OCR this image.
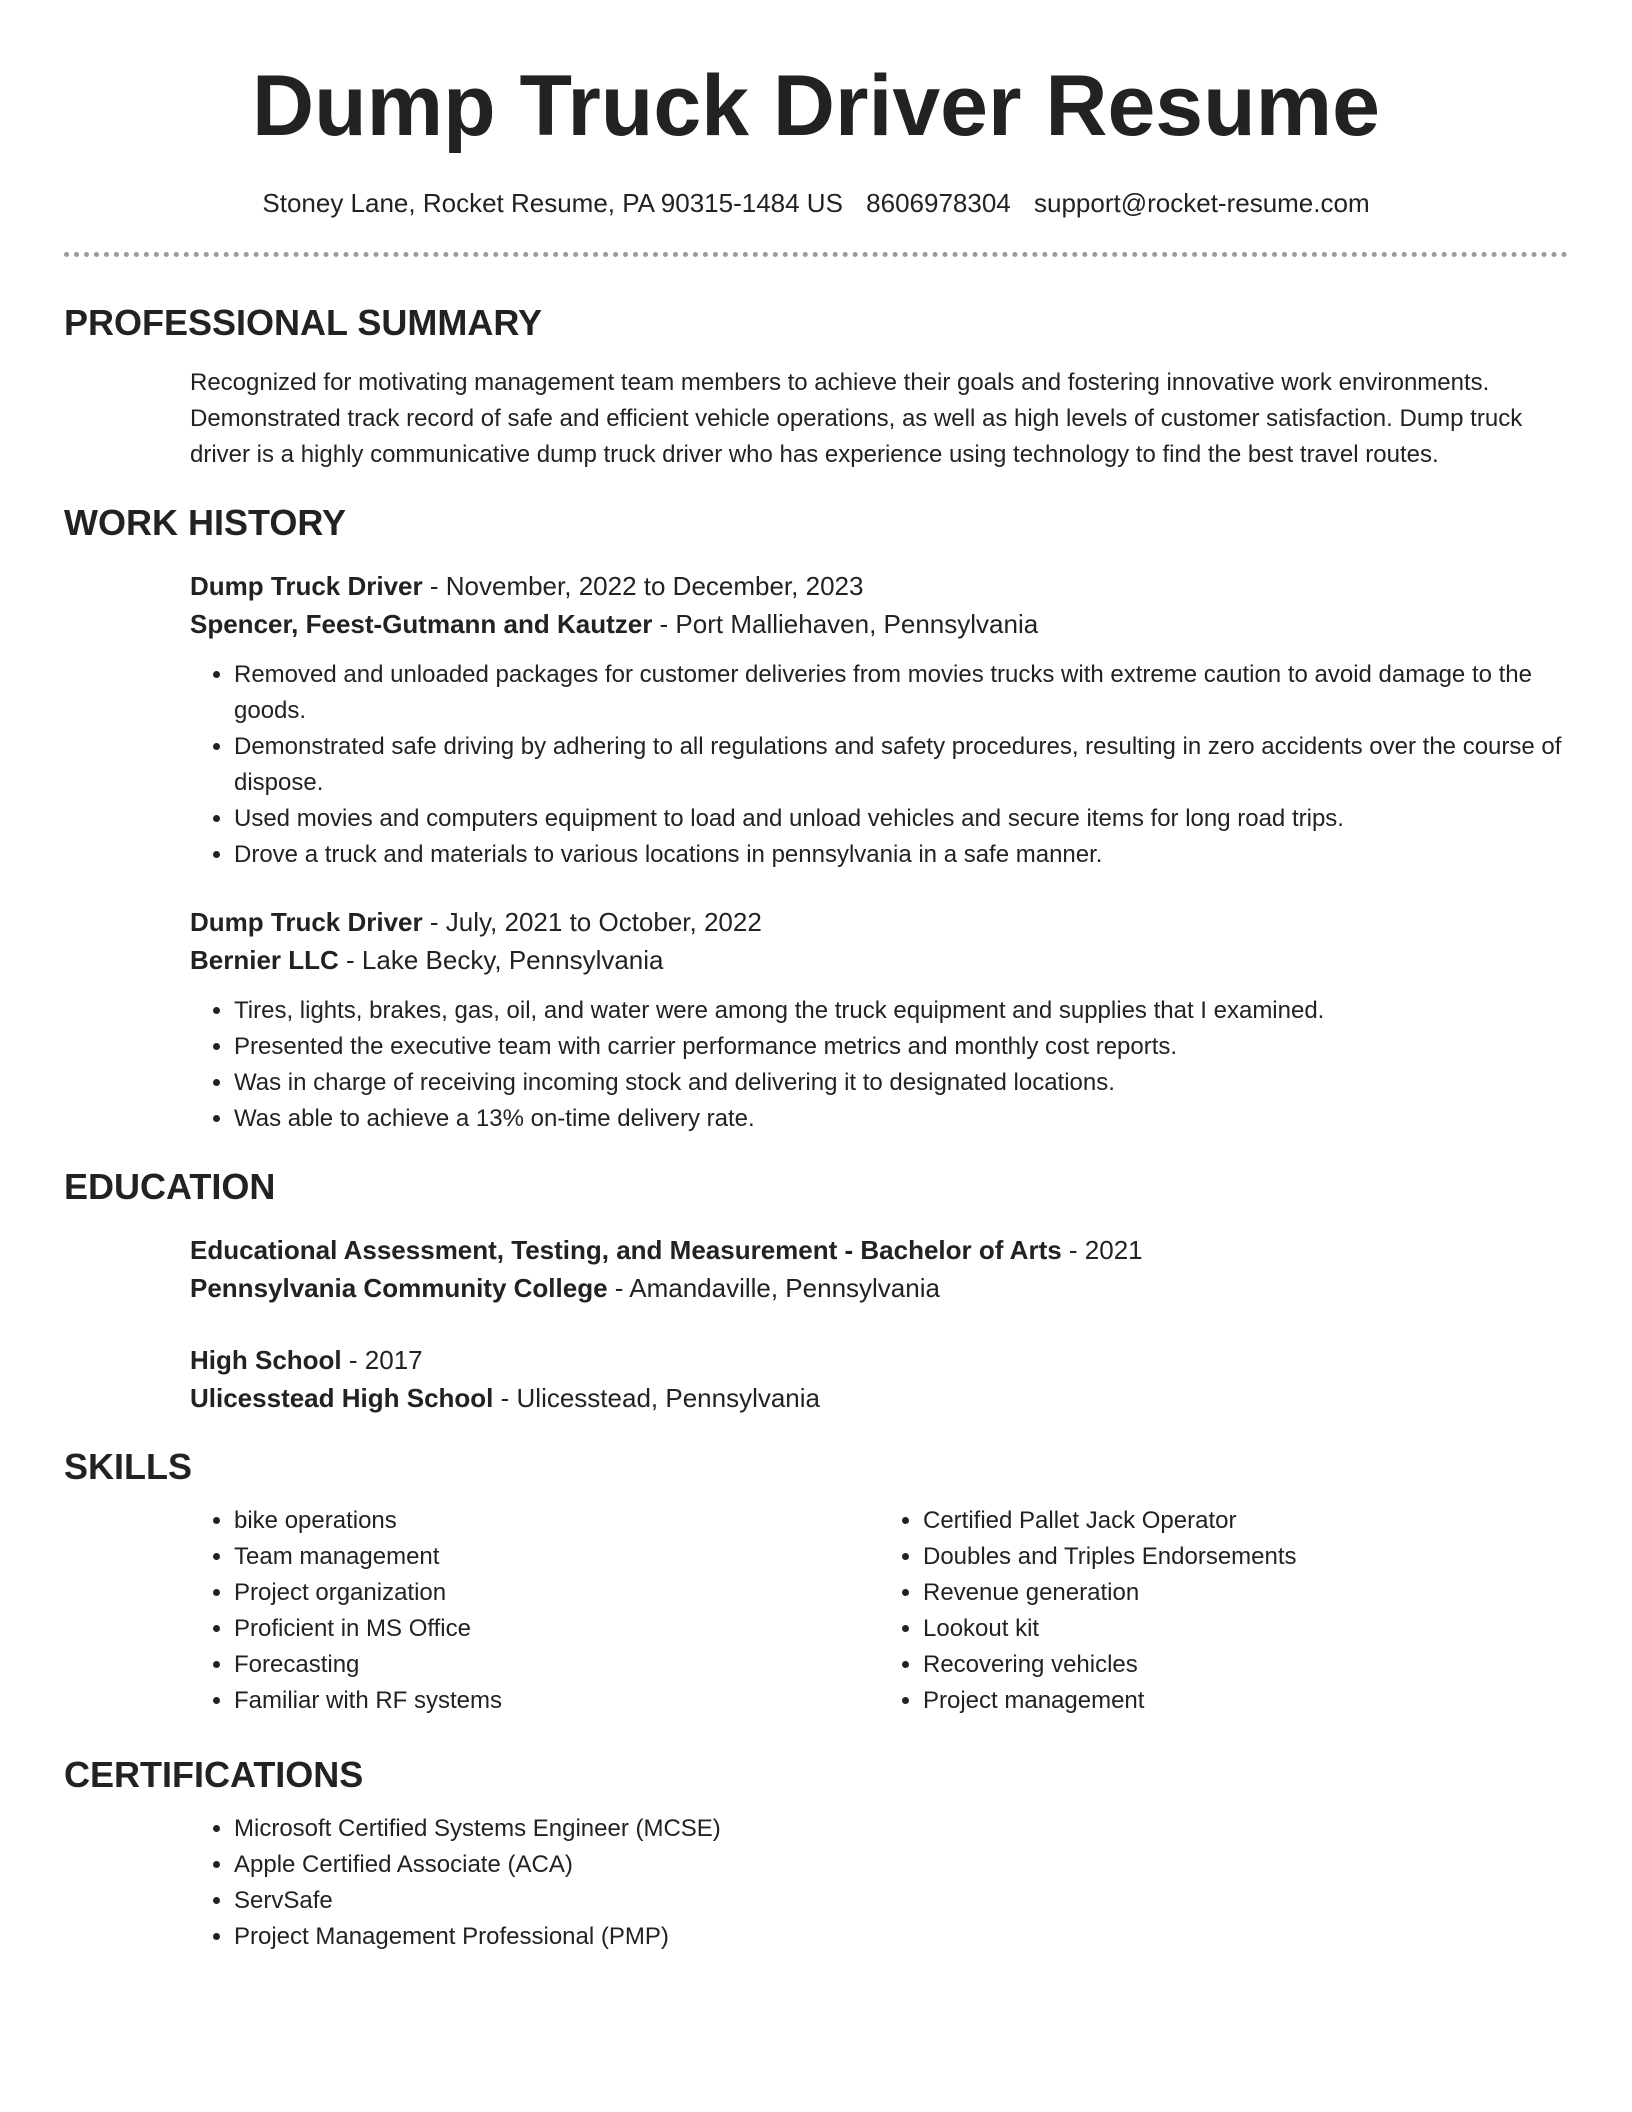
Dump Truck Driver Resume
Stoney Lane, Rocket Resume, PA 90315-1484 US 8606978304 support@rocket-resume.com
PROFESSIONAL SUMMARY
Recognized for motivating management team members to achieve their goals and fostering innovative work environments. Demonstrated track record of safe and efficient vehicle operations, as well as high levels of customer satisfaction. Dump truck driver is a highly communicative dump truck driver who has experience using technology to find the best travel routes.
WORK HISTORY
Dump Truck Driver - November, 2022 to December, 2023
Spencer, Feest-Gutmann and Kautzer - Port Malliehaven, Pennsylvania
• Removed and unloaded packages for customer deliveries from movies trucks with extreme caution to avoid damage to the goods.
• Demonstrated safe driving by adhering to all regulations and safety procedures, resulting in zero accidents over the course of dispose.
• Used movies and computers equipment to load and unload vehicles and secure items for long road trips.
• Drove a truck and materials to various locations in pennsylvania in a safe manner.
Dump Truck Driver - July, 2021 to October, 2022
Bernier LLC - Lake Becky, Pennsylvania
• Tires, lights, brakes, gas, oil, and water were among the truck equipment and supplies that I examined.
• Presented the executive team with carrier performance metrics and monthly cost reports.
• Was in charge of receiving incoming stock and delivering it to designated locations.
• Was able to achieve a 13% on-time delivery rate.
EDUCATION
Educational Assessment, Testing, and Measurement - Bachelor of Arts - 2021
Pennsylvania Community College - Amandaville, Pennsylvania
High School - 2017
Ulicesstead High School - Ulicesstead, Pennsylvania
SKILLS
• bike operations
• Team management
• Project organization
• Proficient in MS Office
• Forecasting
• Familiar with RF systems
• Certified Pallet Jack Operator
• Doubles and Triples Endorsements
• Revenue generation
• Lookout kit
• Recovering vehicles
• Project management
CERTIFICATIONS
• Microsoft Certified Systems Engineer (MCSE)
• Apple Certified Associate (ACA)
• ServSafe
• Project Management Professional (PMP)
